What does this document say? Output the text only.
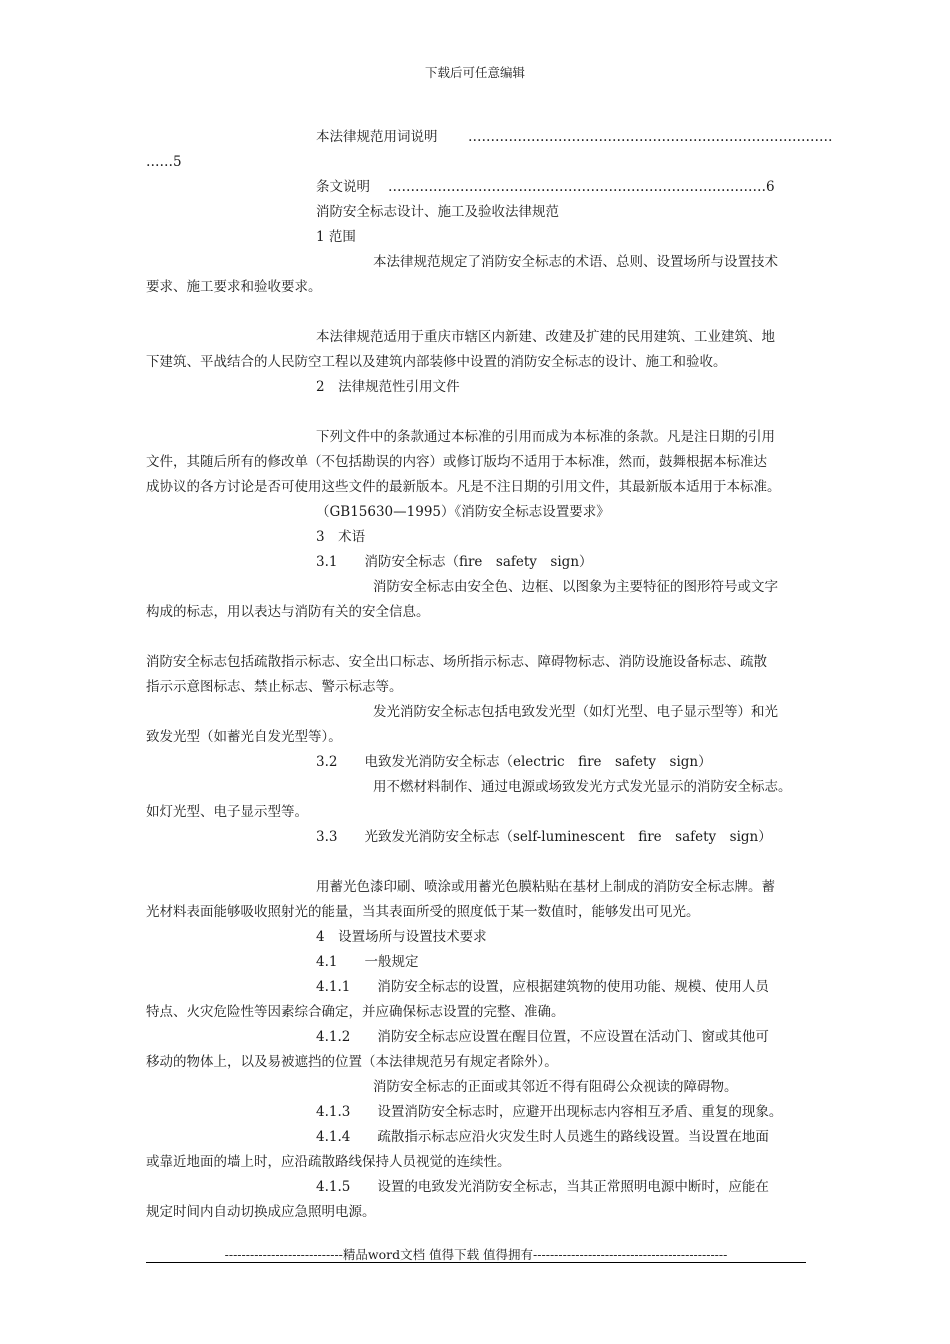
下载后可任意编辑
本法律规范用词说明 ………………………………………………………………………
……5
条文说明 …………………………………………………………………………6
消防安全标志设计、施工及验收法律规范
1 范围
本法律规范规定了消防安全标志的术语、总则、设置场所与设置技术
要求、施工要求和验收要求。
本法律规范适用于重庆市辖区内新建、改建及扩建的民用建筑、工业建筑、地
下建筑、平战结合的人民防空工程以及建筑内部装修中设置的消防安全标志的设计、施工和验收。
2　法律规范性引用文件
下列文件中的条款通过本标准的引用而成为本标准的条款。凡是注日期的引用
文件，其随后所有的修改单（不包括勘误的内容）或修订版均不适用于本标准，然而，鼓舞根据本标准达
成协议的各方讨论是否可使用这些文件的最新版本。凡是不注日期的引用文件，其最新版本适用于本标准。
（GB15630—1995）《消防安全标志设置要求》
3　术语
3.1　　消防安全标志（fire　safety　sign）
消防安全标志由安全色、边框、以图象为主要特征的图形符号或文字
构成的标志，用以表达与消防有关的安全信息。
消防安全标志包括疏散指示标志、安全出口标志、场所指示标志、障碍物标志、消防设施设备标志、疏散
指示示意图标志、禁止标志、警示标志等。
发光消防安全标志包括电致发光型（如灯光型、电子显示型等）和光
致发光型（如蓄光自发光型等）。
3.2　　电致发光消防安全标志（electric　fire　safety　sign）
用不燃材料制作、通过电源或场致发光方式发光显示的消防安全标志。
如灯光型、电子显示型等。
3.3　　光致发光消防安全标志（self-luminescent　fire　safety　sign）
用蓄光色漆印刷、喷涂或用蓄光色膜粘贴在基材上制成的消防安全标志牌。蓄
光材料表面能够吸收照射光的能量，当其表面所受的照度低于某一数值时，能够发出可见光。
4　设置场所与设置技术要求
4.1　　一般规定
4.1.1　　消防安全标志的设置，应根据建筑物的使用功能、规模、使用人员
特点、火灾危险性等因素综合确定，并应确保标志设置的完整、准确。
4.1.2　　消防安全标志应设置在醒目位置，不应设置在活动门、窗或其他可
移动的物体上，以及易被遮挡的位置（本法律规范另有规定者除外）。
消防安全标志的正面或其邻近不得有阻碍公众视读的障碍物。
4.1.3　　设置消防安全标志时，应避开出现标志内容相互矛盾、重复的现象。
4.1.4　　疏散指示标志应沿火灾发生时人员逃生的路线设置。当设置在地面
或靠近地面的墙上时，应沿疏散路线保持人员视觉的连续性。
4.1.5　　设置的电致发光消防安全标志，当其正常照明电源中断时，应能在
规定时间内自动切换成应急照明电源。
----------------------------精品word文档 值得下载 值得拥有----------------------------------------------
